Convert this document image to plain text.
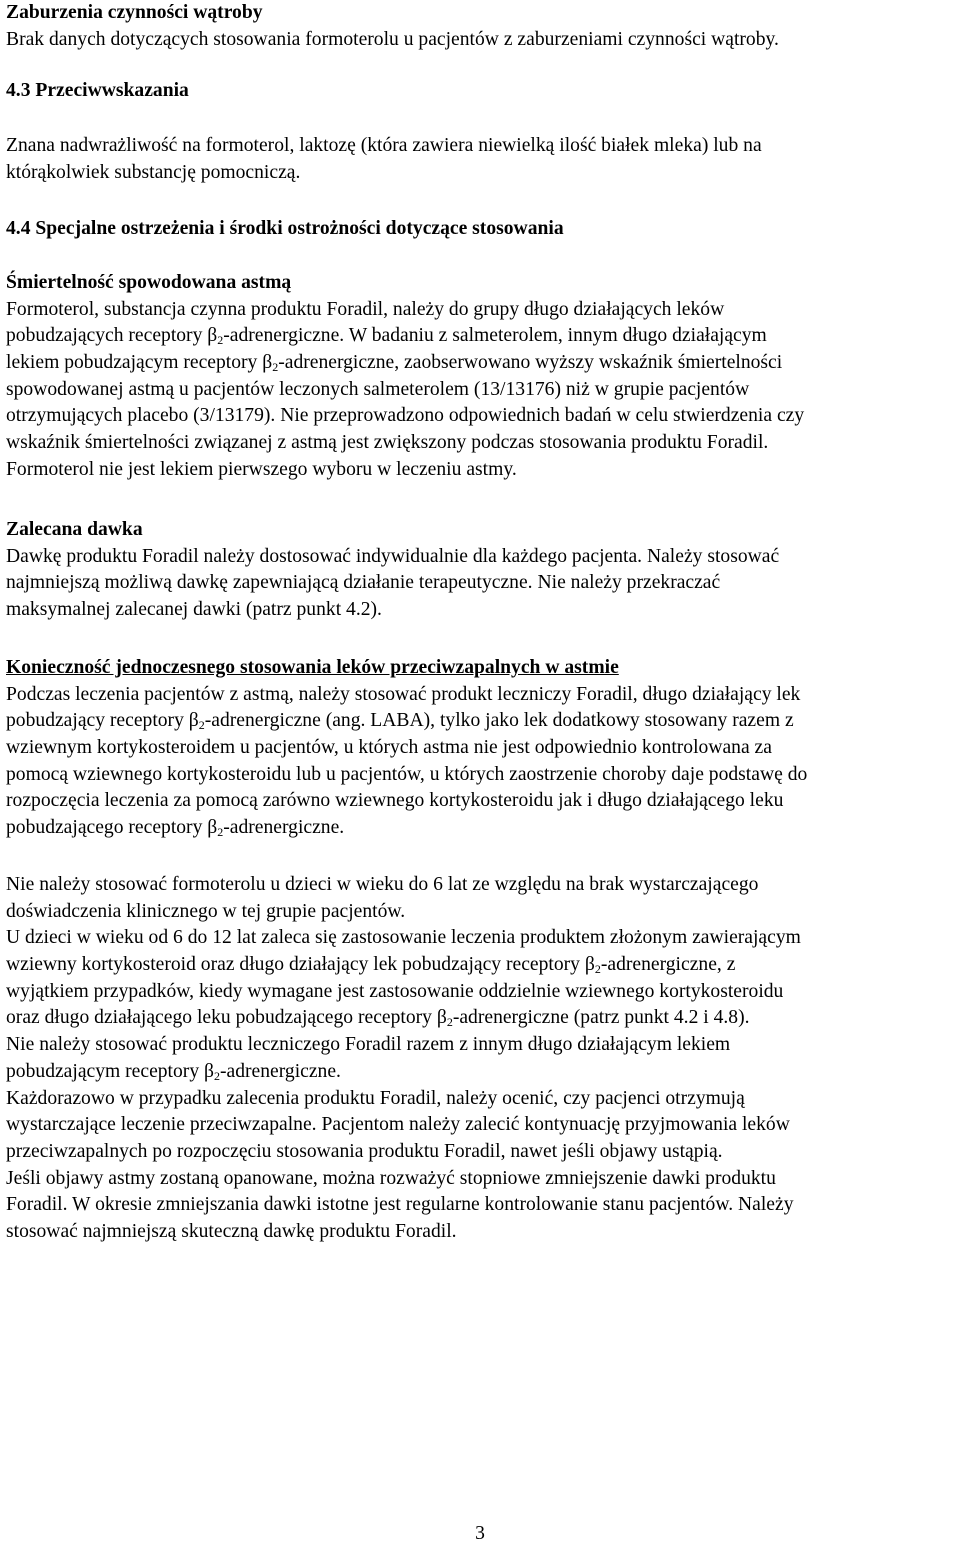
Zaburzenia czynności wątroby
Brak danych dotyczących stosowania formoterolu u pacjentów z zaburzeniami czynności wątroby.
4.3 Przeciwwskazania
Znana nadwrażliwość na formoterol, laktozę (która zawiera niewielką ilość białek mleka) lub na
którąkolwiek substancję pomocniczą.
4.4 Specjalne ostrzeżenia i środki ostrożności dotyczące stosowania
Śmiertelność spowodowana astmą
Formoterol, substancja czynna produktu Foradil, należy do grupy długo działających leków
pobudzających receptory $\beta_2$-adrenergiczne. W badaniu z salmeterolem, innym długo działającym
lekiem pobudzającym receptory $\beta_2$-adrenergiczne, zaobserwowano wyższy wskaźnik śmiertelności
spowodowanej astmą u pacjentów leczonych salmeterolem (13/13176) niż w grupie pacjentów
otrzymujących placebo (3/13179). Nie przeprowadzono odpowiednich badań w celu stwierdzenia czy
wskaźnik śmiertelności związanej z astmą jest zwiększony podczas stosowania produktu Foradil.
Formoterol nie jest lekiem pierwszego wyboru w leczeniu astmy.
Zalecana dawka
Dawkę produktu Foradil należy dostosować indywidualnie dla każdego pacjenta. Należy stosować
najmniejszą możliwą dawkę zapewniającą działanie terapeutyczne. Nie należy przekraczać
maksymalnej zalecanej dawki (patrz punkt 4.2).
Konieczność jednoczesnego stosowania leków przeciwzapalnych w astmie
Podczas leczenia pacjentów z astmą, należy stosować produkt leczniczy Foradil, długo działający lek
pobudzający receptory $\beta_2$-adrenergiczne (ang. LABA), tylko jako lek dodatkowy stosowany razem z
wziewnym kortykosteroidem u pacjentów, u których astma nie jest odpowiednio kontrolowana za
pomocą wziewnego kortykosteroidu lub u pacjentów, u których zaostrzenie choroby daje podstawę do
rozpoczęcia leczenia za pomocą zarówno wziewnego kortykosteroidu jak i długo działającego leku
pobudzającego receptory $\beta_2$-adrenergiczne.
Nie należy stosować formoterolu u dzieci w wieku do 6 lat ze względu na brak wystarczającego
doświadczenia klinicznego w tej grupie pacjentów.
U dzieci w wieku od 6 do 12 lat zaleca się zastosowanie leczenia produktem złożonym zawierającym
wziewny kortykosteroid oraz długo działający lek pobudzający receptory $\beta_2$-adrenergiczne, z
wyjątkiem przypadków, kiedy wymagane jest zastosowanie oddzielnie wziewnego kortykosteroidu
oraz długo działającego leku pobudzającego receptory $\beta_2$-adrenergiczne (patrz punkt 4.2 i 4.8).
Nie należy stosować produktu leczniczego Foradil razem z innym długo działającym lekiem
pobudzającym receptory $\beta_2$-adrenergiczne.
Każdorazowo w przypadku zalecenia produktu Foradil, należy ocenić, czy pacjenci otrzymują
wystarczające leczenie przeciwzapalne. Pacjentom należy zalecić kontynuację przyjmowania leków
przeciwzapalnych po rozpoczęciu stosowania produktu Foradil, nawet jeśli objawy ustąpią.
Jeśli objawy astmy zostaną opanowane, można rozważyć stopniowe zmniejszenie dawki produktu
Foradil. W okresie zmniejszania dawki istotne jest regularne kontrolowanie stanu pacjentów. Należy
stosować najmniejszą skuteczną dawkę produktu Foradil.
3
